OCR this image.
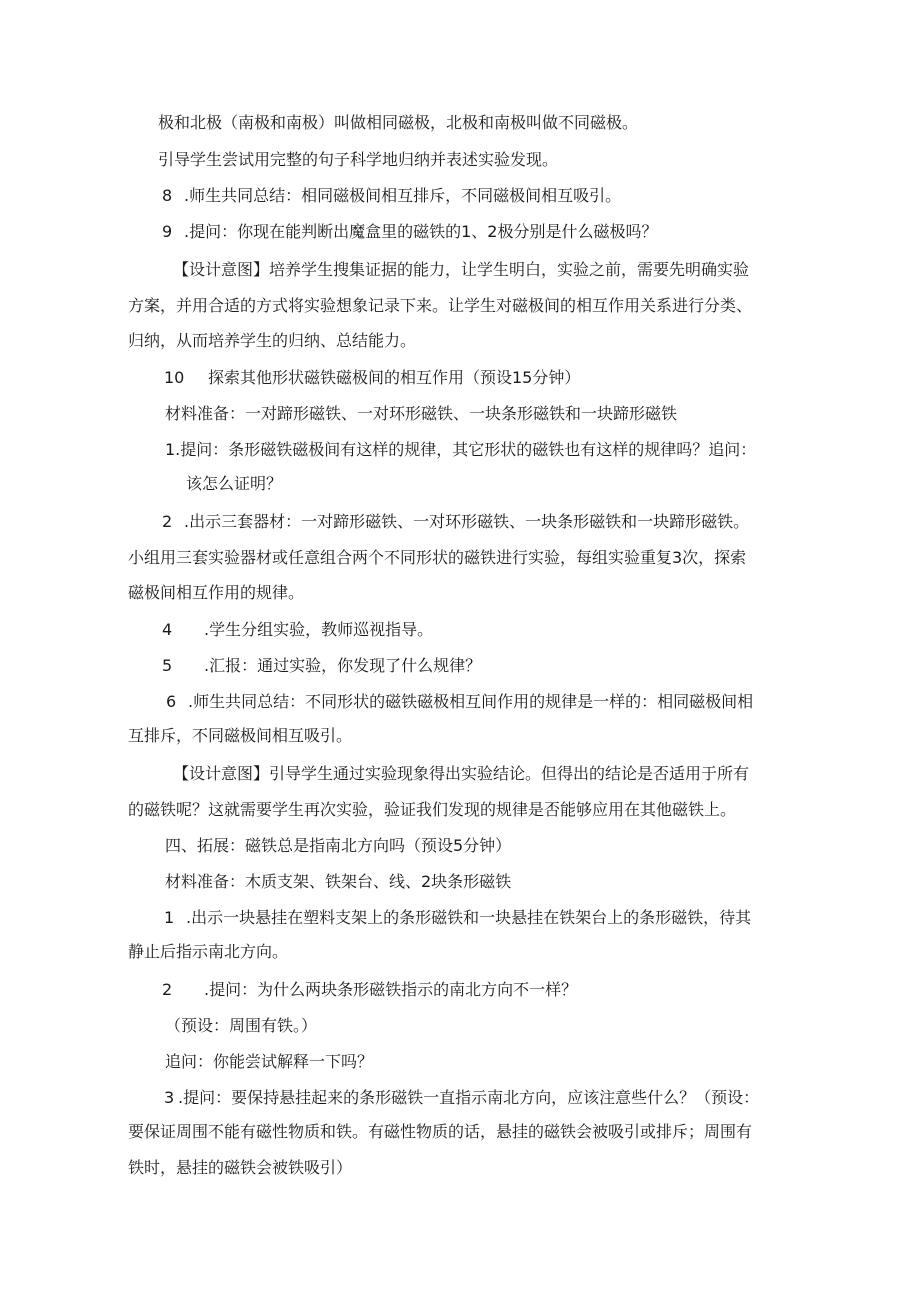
极和北极（南极和南极）叫做相同磁极，北极和南极叫做不同磁极。
引导学生尝试用完整的句子科学地归纳并表述实验发现。
8 .师生共同总结：相同磁极间相互排斥，不同磁极间相互吸引。
9 .提问：你现在能判断出魔盒里的磁铁的1、2极分别是什么磁极吗？
【设计意图】培养学生搜集证据的能力，让学生明白，实验之前，需要先明确实验
方案，并用合适的方式将实验想象记录下来。让学生对磁极间的相互作用关系进行分类、
归纳，从而培养学生的归纳、总结能力。
10 探索其他形状磁铁磁极间的相互作用（预设15分钟）
材料准备：一对蹄形磁铁、一对环形磁铁、一块条形磁铁和一块蹄形磁铁
1.提问：条形磁铁磁极间有这样的规律，其它形状的磁铁也有这样的规律吗？追问：
该怎么证明？
2 .出示三套器材：一对蹄形磁铁、一对环形磁铁、一块条形磁铁和一块蹄形磁铁。
小组用三套实验器材或任意组合两个不同形状的磁铁进行实验，每组实验重复3次，探索
磁极间相互作用的规律。
4 .学生分组实验，教师巡视指导。
5 .汇报：通过实验，你发现了什么规律？
6 .师生共同总结：不同形状的磁铁磁极相互间作用的规律是一样的：相同磁极间相
互排斥，不同磁极间相互吸引。
【设计意图】引导学生通过实验现象得出实验结论。但得出的结论是否适用于所有
的磁铁呢？这就需要学生再次实验，验证我们发现的规律是否能够应用在其他磁铁上。
四、拓展：磁铁总是指南北方向吗（预设5分钟）
材料准备：木质支架、铁架台、线、2块条形磁铁
1 .出示一块悬挂在塑料支架上的条形磁铁和一块悬挂在铁架台上的条形磁铁，待其
静止后指示南北方向。
2 .提问：为什么两块条形磁铁指示的南北方向不一样？
（预设：周围有铁。）
追问：你能尝试解释一下吗？
3 .提问：要保持悬挂起来的条形磁铁一直指示南北方向，应该注意些什么？（预设：
要保证周围不能有磁性物质和铁。有磁性物质的话，悬挂的磁铁会被吸引或排斥；周围有
铁时，悬挂的磁铁会被铁吸引）
